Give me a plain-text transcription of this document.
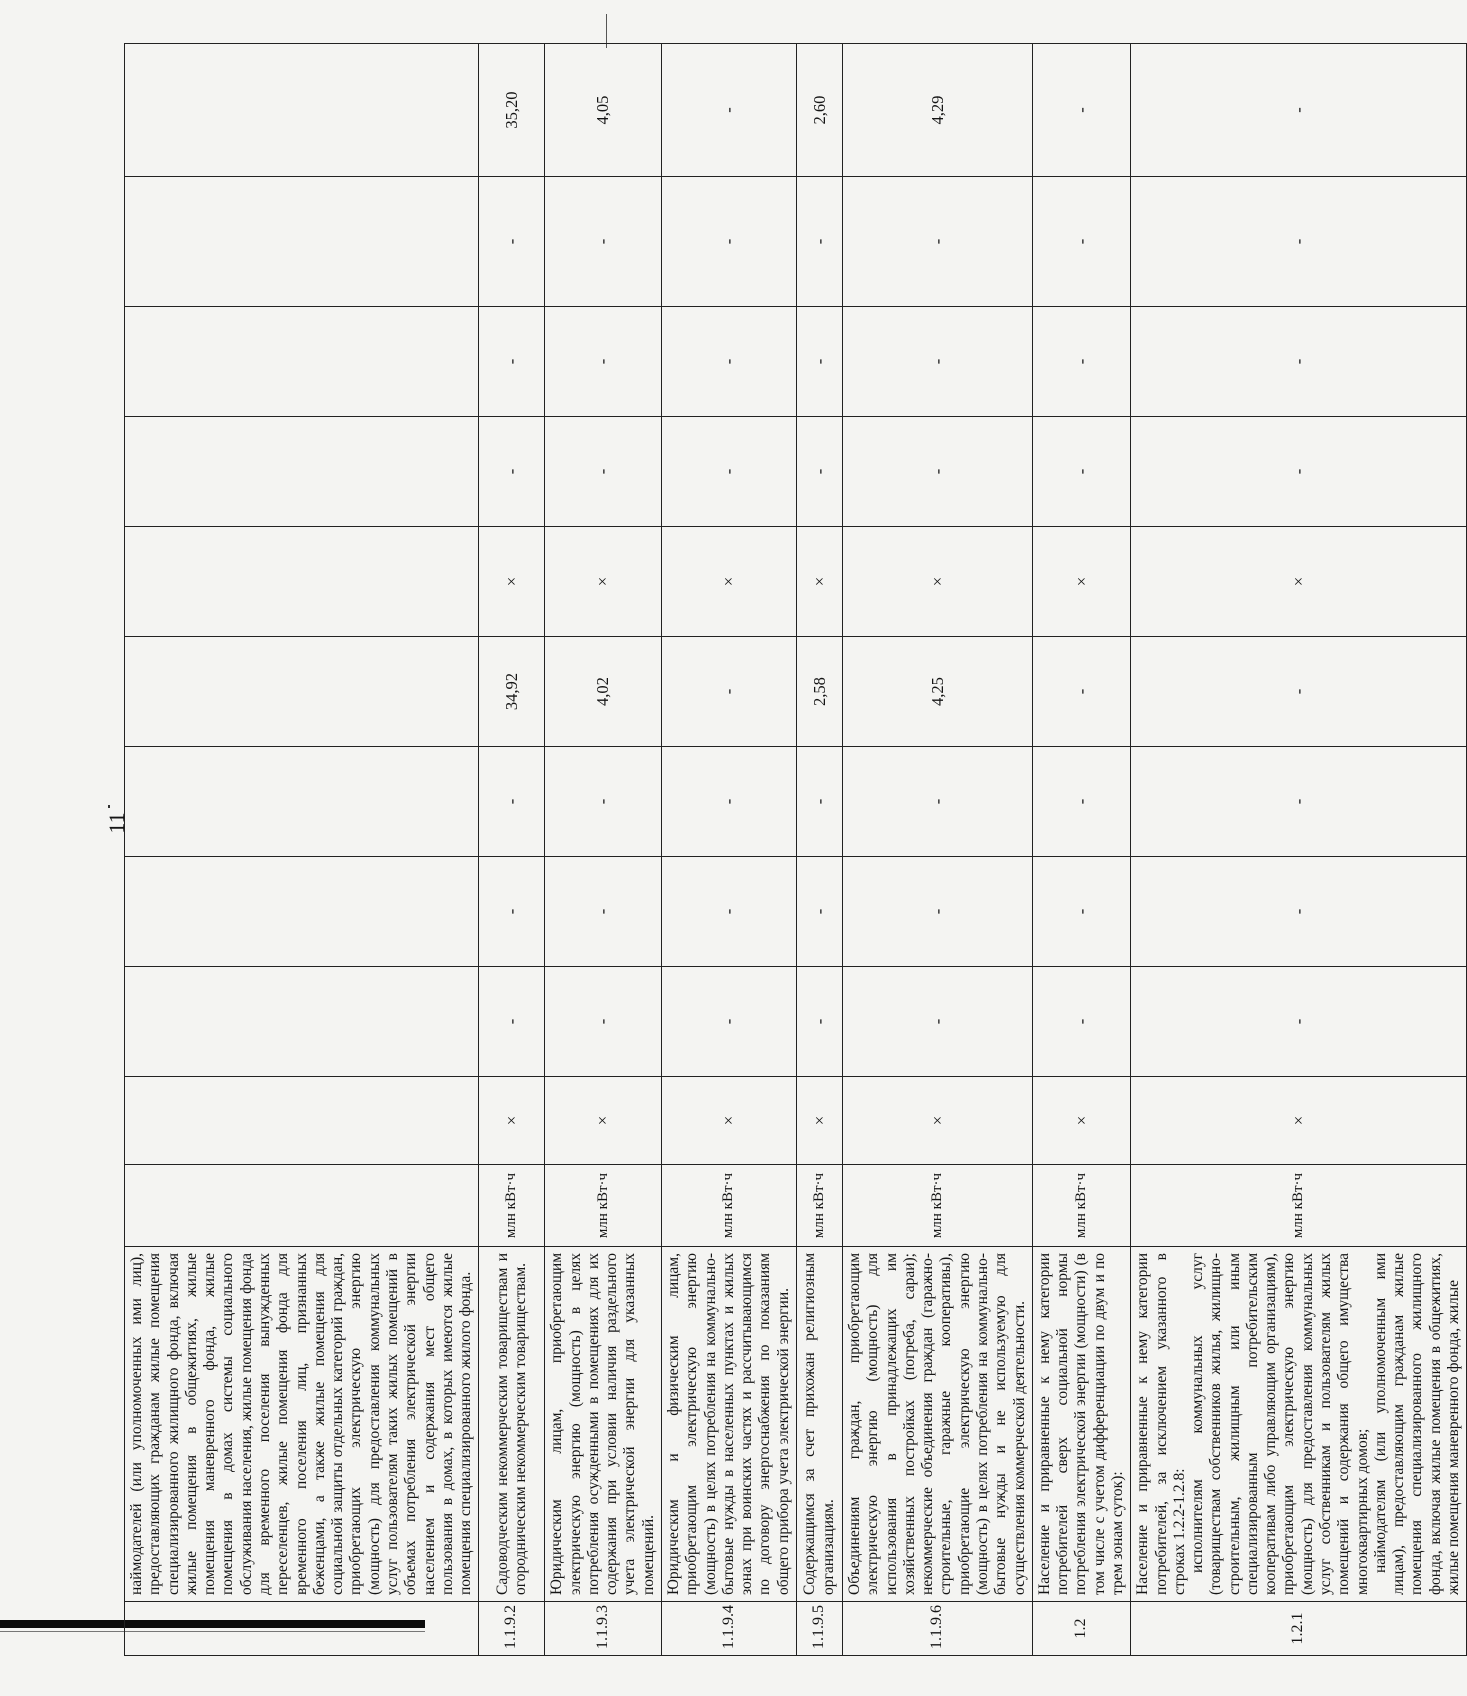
11

	наймодателей (или уполномоченных ими лиц), предоставляющих гражданам жилые помещения специализированного жилищного фонда, включая жилые помещения в общежитиях, жилые помещения маневренного фонда, жилые помещения в домах системы социального обслуживания населения, жилые помещения фонда для временного поселения вынужденных переселенцев, жилые помещения фонда для временного поселения лиц, признанных беженцами, а также жилые помещения для социальной защиты отдельных категорий граждан, приобретающих электрическую энергию (мощность) для предоставления коммунальных услуг пользователям таких жилых помещений в объемах потребления электрической энергии населением и содержания мест общего пользования в домах, в которых имеются жилые помещения специализированного жилого фонда.											

1.1.9.2	Садоводческим некоммерческим товариществам и огородническим некоммерческим товариществам.	млн кВт·ч	×	-	-	-	34,92	×	-	-	-	35,20
1.1.9.3	Юридическим лицам, приобретающим электрическую энергию (мощность) в целях потребления осужденными в помещениях для их содержания при условии наличия раздельного учета электрической энергии для указанных помещений.	млн кВт·ч	×	-	-	-	4,02	×	-	-	-	4,05
1.1.9.4	Юридическим и физическим лицам, приобретающим электрическую энергию (мощность) в целях потребления на коммунально-бытовые нужды в населенных пунктах и жилых зонах при воинских частях и рассчитывающимся по договору энергоснабжения по показаниям общего прибора учета электрической энергии.	млн кВт·ч	×	-	-	-	-	×	-	-	-	-
1.1.9.5	Содержащимся за счет прихожан религиозным организациям.	млн кВт·ч	×	-	-	-	2,58	×	-	-	-	2,60
1.1.9.6	Объединениям граждан, приобретающим электрическую энергию (мощность) для использования в принадлежащих им хозяйственных постройках (погреба, сараи); некоммерческие объединения граждан (гаражно-строительные, гаражные кооперативы), приобретающие электрическую энергию (мощность) в целях потребления на коммунально-бытовые нужды и не используемую для осуществления коммерческой деятельности.	млн кВт·ч	×	-	-	-	4,25	×	-	-	-	4,29
1.2	Население и приравненные к нему категории потребителей сверх социальной нормы потребления электрической энергии (мощности) (в том числе с учетом дифференциации по двум и по трем зонам суток):	млн кВт·ч	×	-	-	-	-	×	-	-	-	-
1.2.1	Население и приравненные к нему категории потребителей, за исключением указанного в строках 1.2.2-1.2.8: исполнителям коммунальных услуг (товариществам собственников жилья, жилищно-строительным, жилищным или иным специализированным потребительским кооперативам либо управляющим организациям), приобретающим электрическую энергию (мощность) для предоставления коммунальных услуг собственникам и пользователям жилых помещений и содержания общего имущества многоквартирных домов; наймодателям (или уполномоченным ими лицам), предоставляющим гражданам жилые помещения специализированного жилищного фонда, включая жилые помещения в общежитиях, жилые помещения маневренного фонда, жилые	млн кВт·ч	×	-	-	-	-	×	-	-	-	-
